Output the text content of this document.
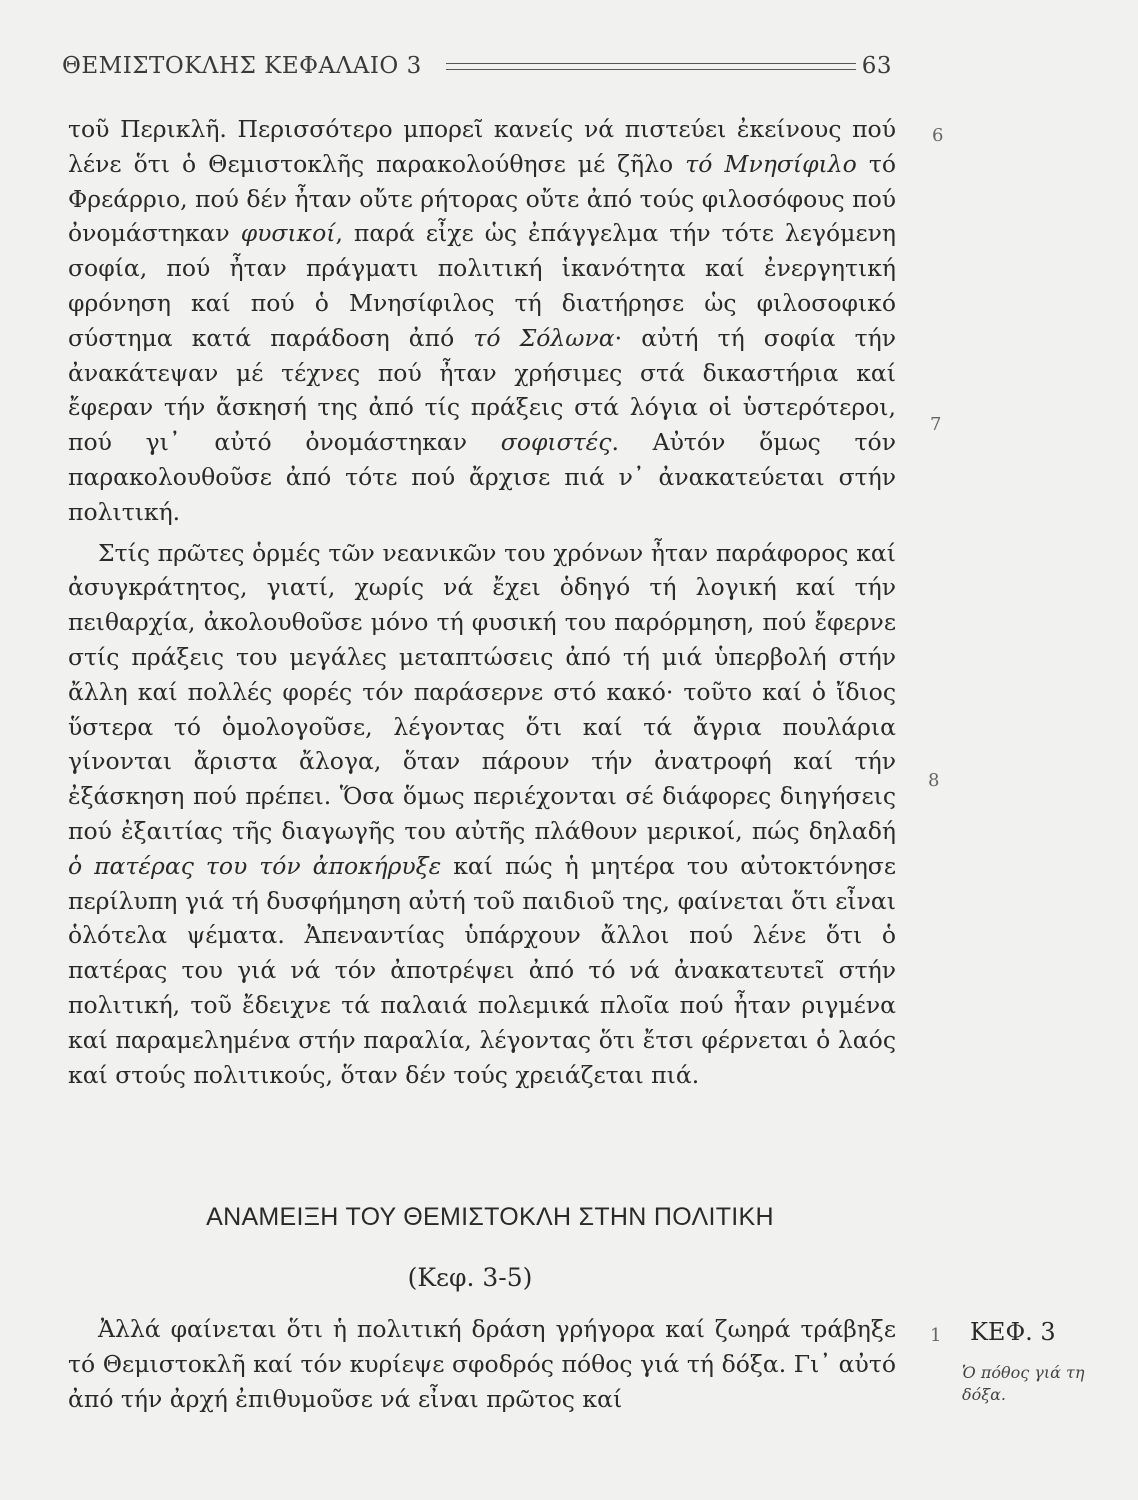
ΘΕΜΙΣΤΟΚΛΗΣ ΚΕΦΑΛΑΙΟ 3	63
6
7
8
1

τοῦ Περικλῆ. Περισσότερο μπορεῖ κανείς νά πιστεύει ἐκείνους πού λένε ὅτι ὁ Θεμιστοκλῆς παρακολούθησε μέ ζῆλο τό Μνησίφιλο τό Φρεάρριο, πού δέν ἦταν οὔτε ρήτορας οὔτε ἀπό τούς φιλοσόφους πού ὀνομάστηκαν φυσικοί, παρά εἶχε ὡς ἐπάγγελμα τήν τότε λεγόμενη σοφία, πού ἦταν πράγματι πολιτική ἱκανότητα καί ἐνεργητική φρόνηση καί πού ὁ Μνησίφιλος τή διατήρησε ὡς φιλοσοφικό σύστημα κατά παράδοση ἀπό τό Σόλωνα· αὐτή τή σοφία τήν ἀνακάτεψαν μέ τέχνες πού ἦταν χρήσιμες στά δικαστήρια καί ἔφεραν τήν ἄσκησή της ἀπό τίς πράξεις στά λόγια οἱ ὑστερότεροι, πού γι᾽ αὐτό ὀνομάστηκαν σοφιστές. Αὐτόν ὅμως τόν παρακολουθοῦσε ἀπό τότε πού ἄρχισε πιά ν᾽ ἀνακατεύεται στήν πολιτική.

Στίς πρῶτες ὁρμές τῶν νεανικῶν του χρόνων ἦταν παράφορος καί ἀσυγκράτητος, γιατί, χωρίς νά ἔχει ὁδηγό τή λογική καί τήν πειθαρχία, ἀκολουθοῦσε μόνο τή φυσική του παρόρμηση, πού ἔφερνε στίς πράξεις του μεγάλες μεταπτώσεις ἀπό τή μιά ὑπερβολή στήν ἄλλη καί πολλές φορές τόν παράσερνε στό κακό· τοῦτο καί ὁ ἴδιος ὕστερα τό ὁμολογοῦσε, λέγοντας ὅτι καί τά ἄγρια πουλάρια γίνονται ἄριστα ἄλογα, ὅταν πάρουν τήν ἀνατροφή καί τήν ἐξάσκηση πού πρέπει. Ὅσα ὅμως περιέχονται σέ διάφορες διηγήσεις πού ἐξαιτίας τῆς διαγωγῆς του αὐτῆς πλάθουν μερικοί, πώς δηλαδή ὁ πατέρας του τόν ἀποκήρυξε καί πώς ἡ μητέρα του αὐτοκτόνησε περίλυπη γιά τή δυσφήμηση αὐτή τοῦ παιδιοῦ της, φαίνεται ὅτι εἶναι ὁλότελα ψέματα. Ἀπεναντίας ὑπάρχουν ἄλλοι πού λένε ὅτι ὁ πατέρας του γιά νά τόν ἀποτρέψει ἀπό τό νά ἀνακατευτεῖ στήν πολιτική, τοῦ ἔδειχνε τά παλαιά πολεμικά πλοῖα πού ἦταν ριγμένα καί παραμελημένα στήν παραλία, λέγοντας ὅτι ἔτσι φέρνεται ὁ λαός καί στούς πολιτικούς, ὅταν δέν τούς χρειάζεται πιά.

ΑΝΑΜΕΙΞΗ ΤΟΥ ΘΕΜΙΣΤΟΚΛΗ ΣΤΗΝ ΠΟΛΙΤΙΚΗ
(Κεφ. 3-5)

Ἀλλά φαίνεται ὅτι ἡ πολιτική δράση γρήγορα καί ζωηρά τράβηξε τό Θεμιστοκλῆ καί τόν κυρίεψε σφοδρός πόθος γιά τή δόξα. Γι᾽ αὐτό ἀπό τήν ἀρχή ἐπιθυμοῦσε νά εἶναι πρῶτος καί

ΚΕΦ. 3
Ὁ πόθος γιά τη δόξα.
